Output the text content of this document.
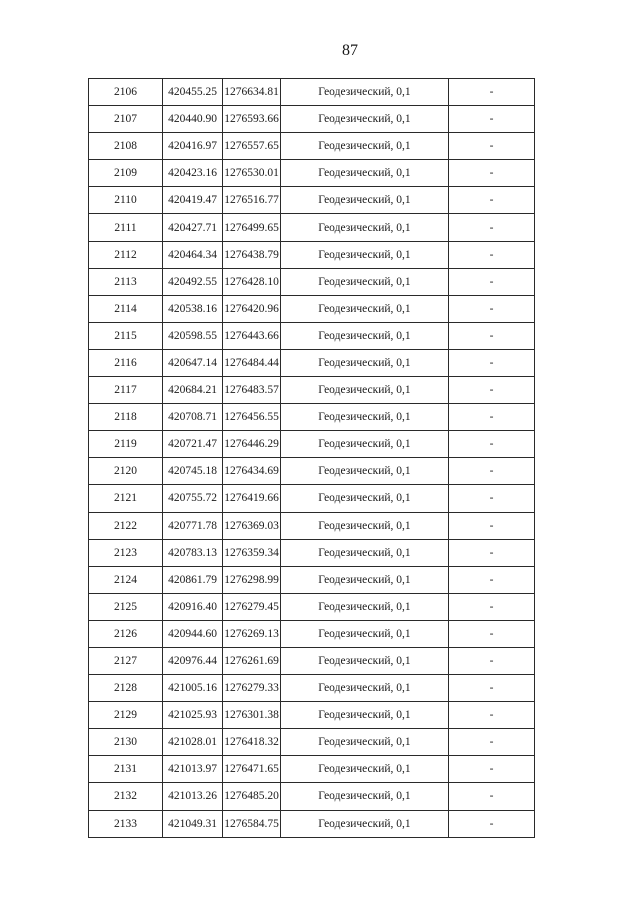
87
2106	420455.25	1276634.81	Геодезический, 0,1	-
2107	420440.90	1276593.66	Геодезический, 0,1	-
2108	420416.97	1276557.65	Геодезический, 0,1	-
2109	420423.16	1276530.01	Геодезический, 0,1	-
2110	420419.47	1276516.77	Геодезический, 0,1	-
2111	420427.71	1276499.65	Геодезический, 0,1	-
2112	420464.34	1276438.79	Геодезический, 0,1	-
2113	420492.55	1276428.10	Геодезический, 0,1	-
2114	420538.16	1276420.96	Геодезический, 0,1	-
2115	420598.55	1276443.66	Геодезический, 0,1	-
2116	420647.14	1276484.44	Геодезический, 0,1	-
2117	420684.21	1276483.57	Геодезический, 0,1	-
2118	420708.71	1276456.55	Геодезический, 0,1	-
2119	420721.47	1276446.29	Геодезический, 0,1	-
2120	420745.18	1276434.69	Геодезический, 0,1	-
2121	420755.72	1276419.66	Геодезический, 0,1	-
2122	420771.78	1276369.03	Геодезический, 0,1	-
2123	420783.13	1276359.34	Геодезический, 0,1	-
2124	420861.79	1276298.99	Геодезический, 0,1	-
2125	420916.40	1276279.45	Геодезический, 0,1	-
2126	420944.60	1276269.13	Геодезический, 0,1	-
2127	420976.44	1276261.69	Геодезический, 0,1	-
2128	421005.16	1276279.33	Геодезический, 0,1	-
2129	421025.93	1276301.38	Геодезический, 0,1	-
2130	421028.01	1276418.32	Геодезический, 0,1	-
2131	421013.97	1276471.65	Геодезический, 0,1	-
2132	421013.26	1276485.20	Геодезический, 0,1	-
2133	421049.31	1276584.75	Геодезический, 0,1	-
